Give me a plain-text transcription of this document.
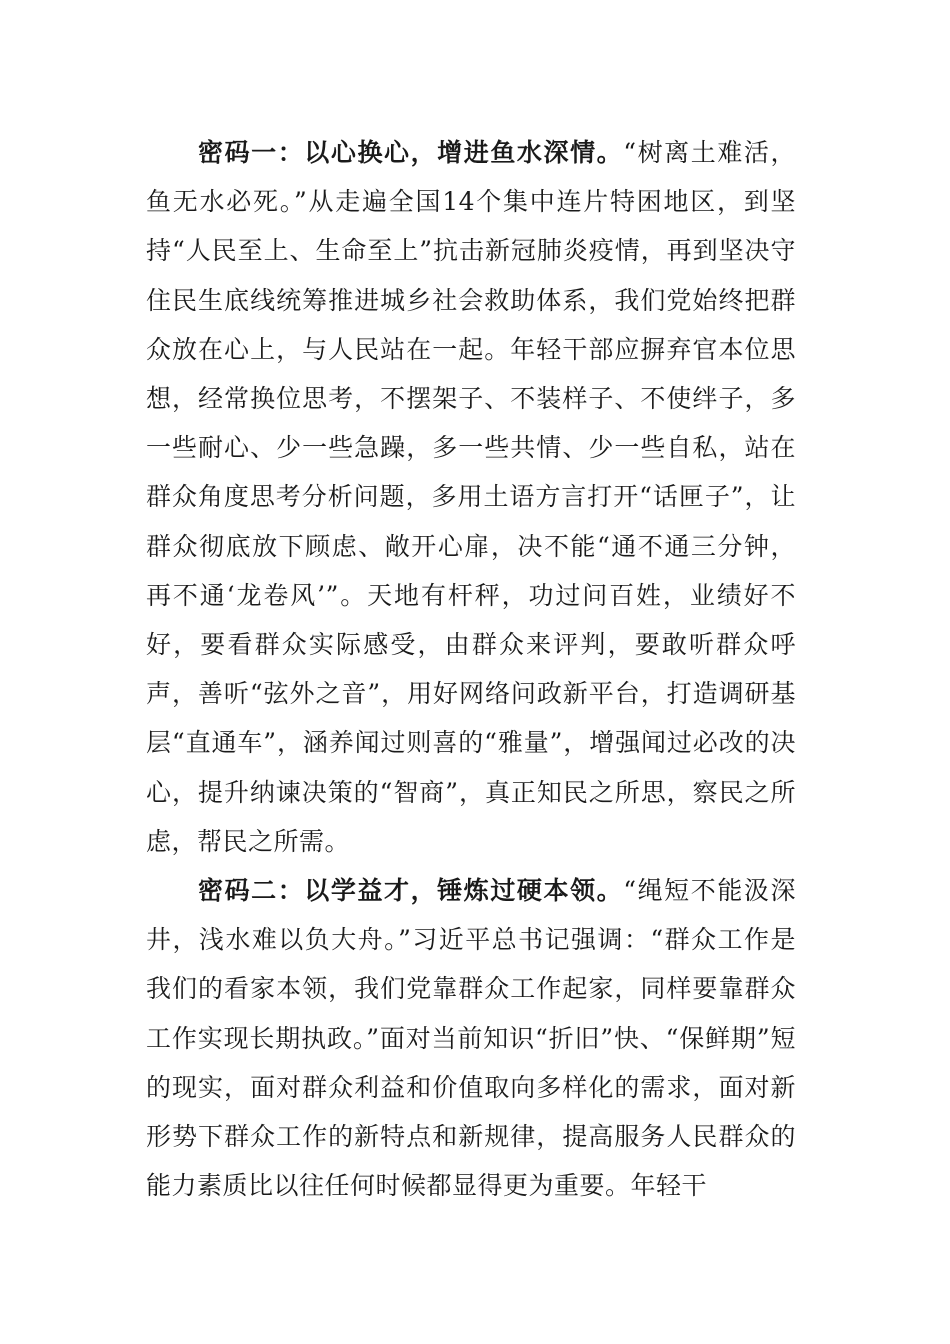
密码一：以心换心，增进鱼水深情。“树离土难活，鱼无水必死。”从走遍全国14个集中连片特困地区，到坚持“人民至上、生命至上”抗击新冠肺炎疫情，再到坚决守住民生底线统筹推进城乡社会救助体系，我们党始终把群众放在心上，与人民站在一起。年轻干部应摒弃官本位思想，经常换位思考，不摆架子、不装样子、不使绊子，多一些耐心、少一些急躁，多一些共情、少一些自私，站在群众角度思考分析问题，多用土语方言打开“话匣子”，让群众彻底放下顾虑、敞开心扉，决不能“通不通三分钟，再不通‘龙卷风’”。天地有杆秤，功过问百姓，业绩好不好，要看群众实际感受，由群众来评判，要敢听群众呼声，善听“弦外之音”，用好网络问政新平台，打造调研基层“直通车”，涵养闻过则喜的“雅量”，增强闻过必改的决心，提升纳谏决策的“智商”，真正知民之所思，察民之所虑，帮民之所需。

密码二：以学益才，锤炼过硬本领。“绳短不能汲深井，浅水难以负大舟。”习近平总书记强调：“群众工作是我们的看家本领，我们党靠群众工作起家，同样要靠群众工作实现长期执政。”面对当前知识“折旧”快、“保鲜期”短的现实，面对群众利益和价值取向多样化的需求，面对新形势下群众工作的新特点和新规律，提高服务人民群众的能力素质比以往任何时候都显得更为重要。年轻干
